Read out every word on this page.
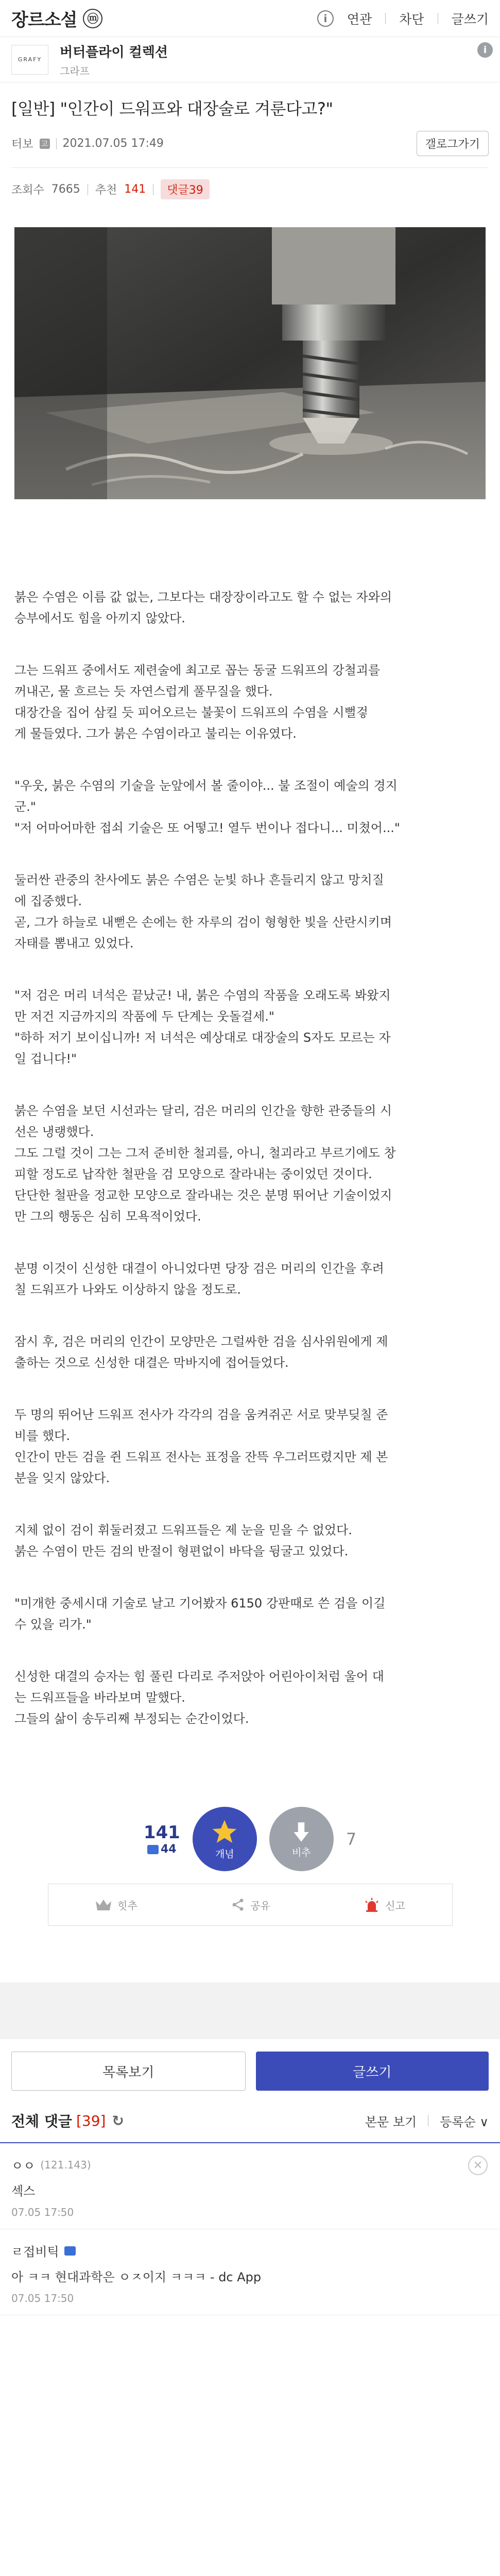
장르소설 ⓜ	i	연관 차단 글쓰기
GRAFY	버터플라이 컬렉션
그라프
i
[일반] "인간이 드워프와 대장술로 겨룬다고?"
터보 고 2021.07.05 17:49	갤로그가기
조회수 7665 추천 141	댓글39

붉은 수염은 이름 값 없는, 그보다는 대장장이라고도 할 수 없는 자와의
승부에서도 힘을 아끼지 않았다.

그는 드워프 중에서도 제련술에 최고로 꼽는 동굴 드워프의 강철괴를
꺼내곤, 물 흐르는 듯 자연스럽게 풀무질을 했다.
대장간을 집어 삼킬 듯 피어오르는 불꽃이 드워프의 수염을 시뻘겋
게 물들였다. 그가 붉은 수염이라고 불리는 이유였다.

"우웃, 붉은 수염의 기술을 눈앞에서 볼 줄이야... 불 조절이 예술의 경지
군."
"저 어마어마한 접쇠 기술은 또 어떻고! 열두 번이나 접다니... 미쳤어..."

둘러싼 관중의 찬사에도 붉은 수염은 눈빛 하나 흔들리지 않고 망치질
에 집중했다.
곧, 그가 하늘로 내뻗은 손에는 한 자루의 검이 형형한 빛을 산란시키며
자태를 뽐내고 있었다.

"저 검은 머리 녀석은 끝났군! 내, 붉은 수염의 작품을 오래도록 봐왔지
만 저건 지금까지의 작품에 두 단계는 웃돌걸세."
"하하 저기 보이십니까! 저 녀석은 예상대로 대장술의 S자도 모르는 자
일 겁니다!"

붉은 수염을 보던 시선과는 달리, 검은 머리의 인간을 향한 관중들의 시
선은 냉랭했다.
그도 그럴 것이 그는 그저 준비한 철괴를, 아니, 철괴라고 부르기에도 창
피할 정도로 납작한 철판을 검 모양으로 잘라내는 중이었던 것이다.
단단한 철판을 정교한 모양으로 잘라내는 것은 분명 뛰어난 기술이었지
만 그의 행동은 심히 모욕적이었다.

분명 이것이 신성한 대결이 아니었다면 당장 검은 머리의 인간을 후려
칠 드워프가 나와도 이상하지 않을 정도로.

잠시 후, 검은 머리의 인간이 모양만은 그럴싸한 검을 심사위원에게 제
출하는 것으로 신성한 대결은 막바지에 접어들었다.

두 명의 뛰어난 드워프 전사가 각각의 검을 움켜쥐곤 서로 맞부딪칠 준
비를 했다.
인간이 만든 검을 쥔 드워프 전사는 표정을 잔뜩 우그러뜨렸지만 제 본
분을 잊지 않았다.

지체 없이 검이 휘둘러졌고 드워프들은 제 눈을 믿을 수 없었다.
붉은 수염이 만든 검의 반절이 형편없이 바닥을 뒹굴고 있었다.

"미개한 중세시대 기술로 날고 기어봤자 6150 강판때로 쓴 검을 이길
수 있을 리가."

신성한 대결의 승자는 힘 풀린 다리로 주저앉아 어린아이처럼 울어 대
는 드워프들을 바라보며 말했다.
그들의 삶이 송두리째 부정되는 순간이었다.

141
44	개념	비추
7
힛추	공유	신고
목록보기	글쓰기
전체 댓글 [39] ↻	본문 보기 등록순 ∨
ㅇㅇ (121.143)
섹스
07.05 17:50
✕
ㄹ접비틱
아 ㅋㅋ 현대과학은 ㅇㅈ이지 ㅋㅋㅋ - dc App
07.05 17:50
